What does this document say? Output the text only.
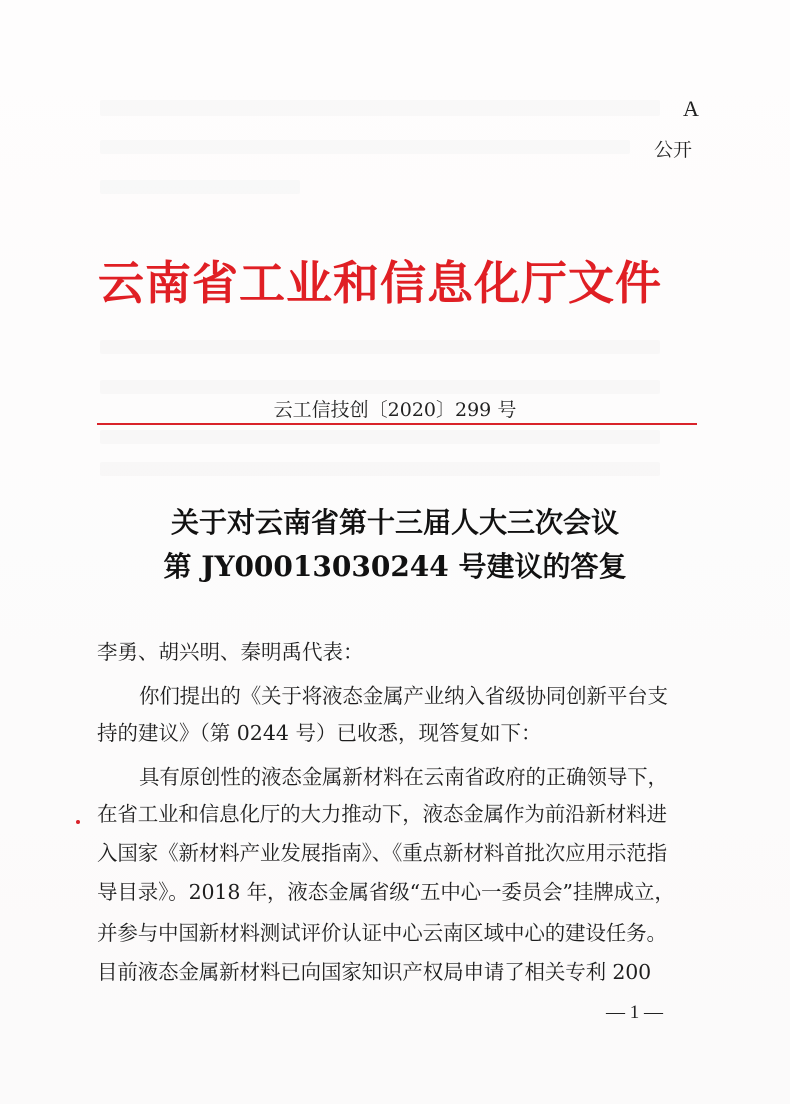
A
公开
云南省工业和信息化厅文件
云工信技创〔2020〕299 号
关于对云南省第十三届人大三次会议
第 JY00013030244 号建议的答复
李勇、胡兴明、秦明禹代表：
你们提出的《关于将液态金属产业纳入省级协同创新平台支
持的建议》（第 0244 号）已收悉，现答复如下：
具有原创性的液态金属新材料在云南省政府的正确领导下，
在省工业和信息化厅的大力推动下，液态金属作为前沿新材料进
入国家《新材料产业发展指南》、《重点新材料首批次应用示范指
导目录》。2018 年，液态金属省级“五中心一委员会”挂牌成立，
并参与中国新材料测试评价认证中心云南区域中心的建设任务。
目前液态金属新材料已向国家知识产权局申请了相关专利 200
— 1 —
